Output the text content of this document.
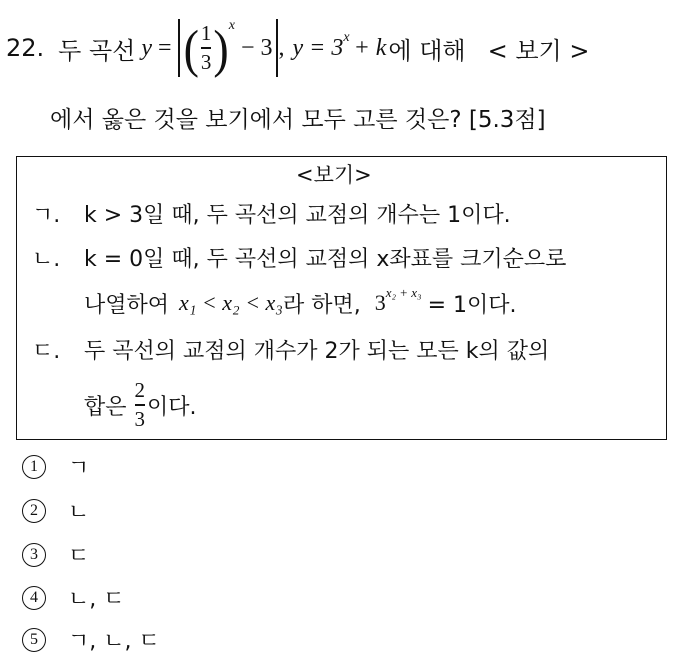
22. 두 곡선 y = ( $\frac{1}{3}$ ) x
− 3 , y = 3 x + k 에 대해 < 보기 >
에서 옳은 것을 보기에서 모두 고른 것은? [5.3점]
<보기>
ㄱ.	k > 3일 때, 두 곡선의 교점의 개수는 1이다.
ㄴ.	k = 0일 때, 두 곡선의 교점의 x좌표를 크기순으로
나열하여 x₁ < x₂ < x₃ 라 하면, 3 x₂ + x₃ = 1이다.
ㄷ.	두 곡선의 교점의 개수가 2가 되는 모든 k의 값의
합은 $\frac{2}{3}$ 이다.
1	ㄱ
2	ㄴ
3	ㄷ
4	ㄴ, ㄷ
5	ㄱ, ㄴ, ㄷ
